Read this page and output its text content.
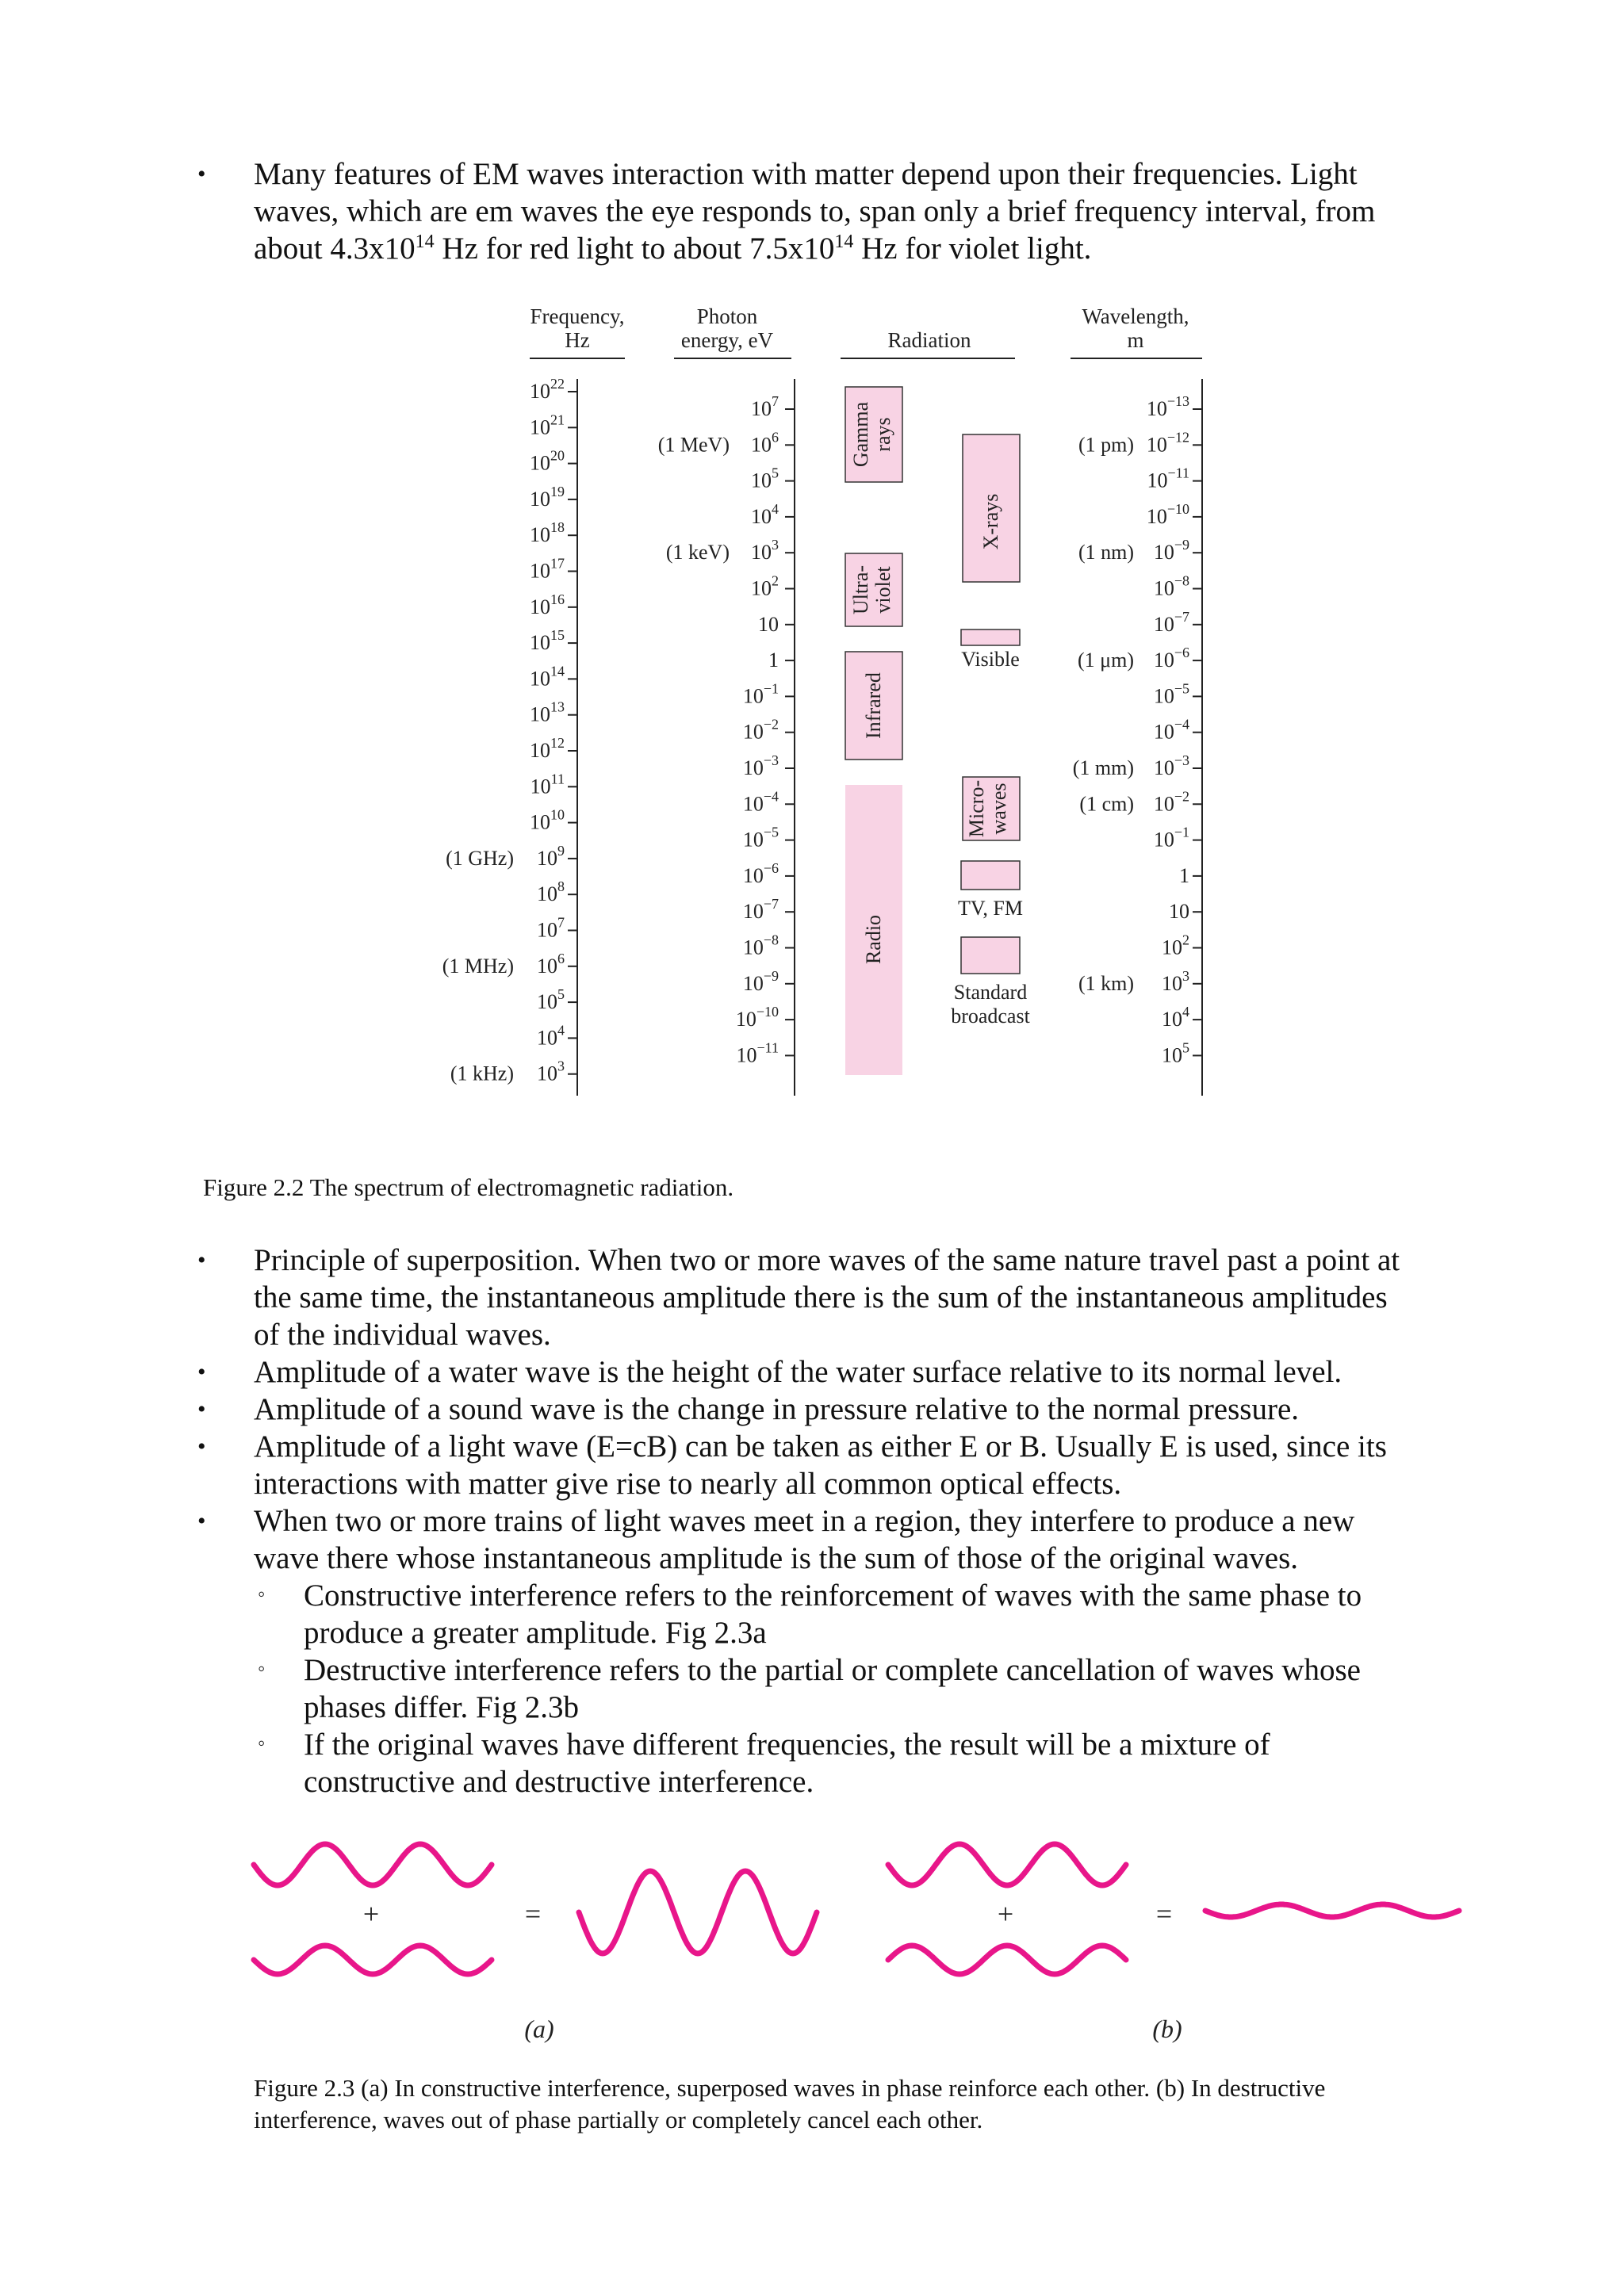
• Many features of EM waves interaction with matter depend upon their frequencies. Light
waves, which are em waves the eye responds to, span only a brief frequency interval, from
about $4.3x10^{14}$ Hz for red light to about $7.5x10^{14}$ Hz for violet light.
Frequency,
Hz
Photon
energy, eV	Radiation
Wavelength,
m
$10^{22}$
$10^{21}$
$10^{20}$
$10^{19}$
$10^{18}$
$10^{17}$
$10^{16}$
$10^{15}$
$10^{14}$
$10^{13}$
$10^{12}$
$10^{11}$
$10^{10}$
$10^9$
(1 GHz)
$10^8$
$10^7$
$10^6$
(1 MHz)
$10^5$
$10^4$
$10^3$
(1 kHz)
$10^7$
$10^6$
(1 MeV)
$10^5$
$10^4$
$10^3$
(1 keV)
$10^2$
10
1
$10^{-1}$
$10^{-2}$
$10^{-3}$
$10^{-4}$
$10^{-5}$
$10^{-6}$
$10^{-7}$
$10^{-8}$
$10^{-9}$
$10^{-10}$
$10^{-11}$
$10^{-13}$
$10^{-12}$
(1 pm)
$10^{-11}$
$10^{-10}$
$10^{-9}$
(1 nm)
$10^{-8}$
$10^{-7}$
$10^{-6}$
(1 μm)
$10^{-5}$
$10^{-4}$
$10^{-3}$
(1 mm)
$10^{-2}$
(1 cm)
$10^{-1}$
1
10
$10^2$
$10^3$
(1 km)
$10^4$
$10^5$
Gamma rays
Ultra- violet
Infrared
Radio
X-rays
Visible
Micro- waves
TV, FM
Standard
broadcast
Figure 2.2 The spectrum of electromagnetic radiation.
• Principle of superposition. When two or more waves of the same nature travel past a point at
the same time, the instantaneous amplitude there is the sum of the instantaneous amplitudes
of the individual waves.
• Amplitude of a water wave is the height of the water surface relative to its normal level.
• Amplitude of a sound wave is the change in pressure relative to the normal pressure.
• Amplitude of a light wave (E=cB) can be taken as either E or B. Usually E is used, since its
interactions with matter give rise to nearly all common optical effects.
• When two or more trains of light waves meet in a region, they interfere to produce a new
wave there whose instantaneous amplitude is the sum of those of the original waves.
◦ Constructive interference refers to the reinforcement of waves with the same phase to
produce a greater amplitude. Fig 2.3a
◦ Destructive interference refers to the partial or complete cancellation of waves whose
phases differ. Fig 2.3b
◦ If the original waves have different frequencies, the result will be a mixture of
constructive and destructive interference.
+	=	+	=
(a)	(b)
Figure 2.3 (a) In constructive interference, superposed waves in phase reinforce each other. (b) In destructive
interference, waves out of phase partially or completely cancel each other.
